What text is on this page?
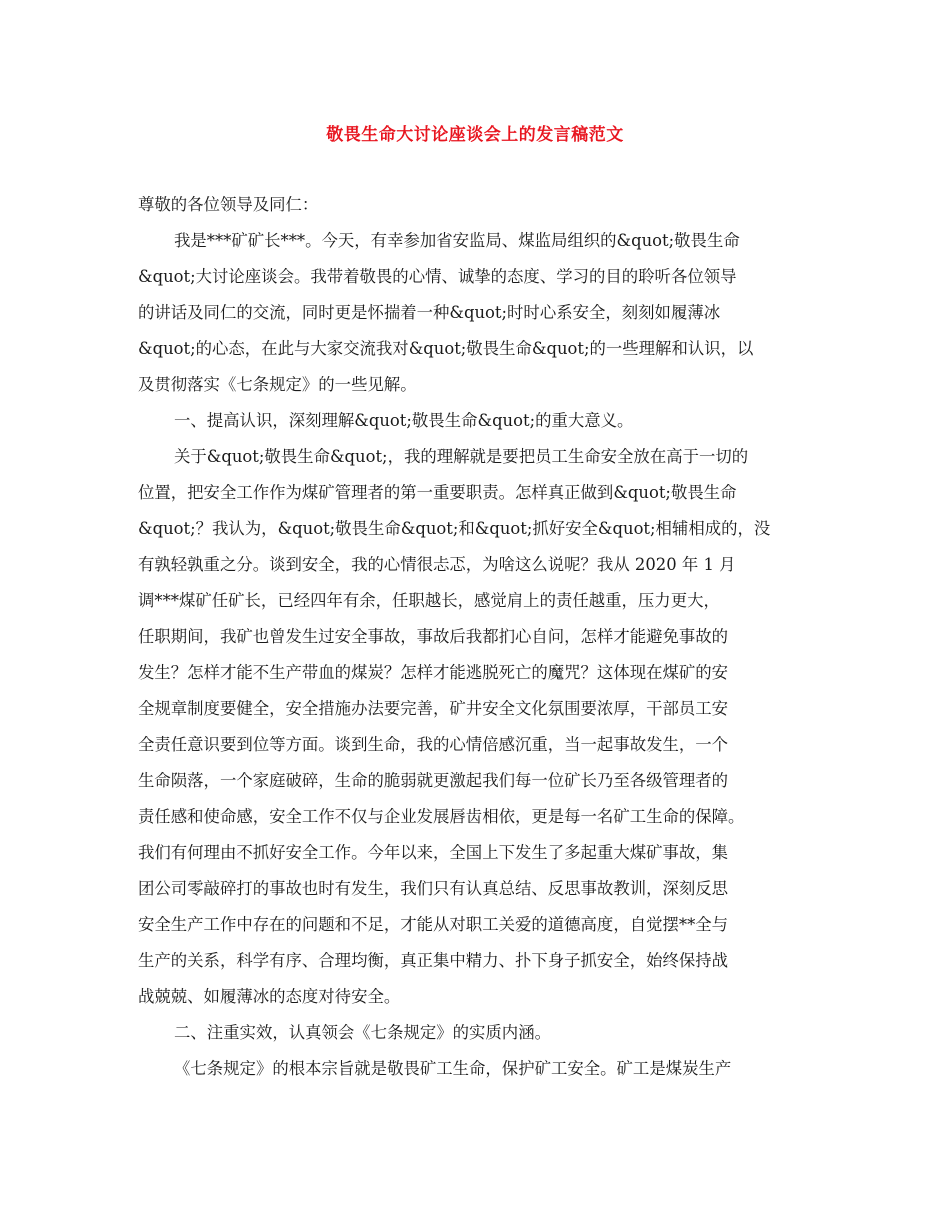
敬畏生命大讨论座谈会上的发言稿范文

尊敬的各位领导及同仁：

我是***矿矿长***。今天，有幸参加省安监局、煤监局组织的&quot;敬畏生命

&quot;大讨论座谈会。我带着敬畏的心情、诚挚的态度、学习的目的聆听各位领导

的讲话及同仁的交流，同时更是怀揣着一种&quot;时时心系安全，刻刻如履薄冰

&quot;的心态，在此与大家交流我对&quot;敬畏生命&quot;的一些理解和认识，以

及贯彻落实《七条规定》的一些见解。

一、提高认识，深刻理解&quot;敬畏生命&quot;的重大意义。

关于&quot;敬畏生命&quot;，我的理解就是要把员工生命安全放在高于一切的

位置，把安全工作作为煤矿管理者的第一重要职责。怎样真正做到&quot;敬畏生命

&quot;？我认为，&quot;敬畏生命&quot;和&quot;抓好安全&quot;相辅相成的，没

有孰轻孰重之分。谈到安全，我的心情很忐忑，为啥这么说呢？我从 2020 年 1 月

调***煤矿任矿长，已经四年有余，任职越长，感觉肩上的责任越重，压力更大，

任职期间，我矿也曾发生过安全事故，事故后我都扪心自问，怎样才能避免事故的

发生？怎样才能不生产带血的煤炭？怎样才能逃脱死亡的魔咒？这体现在煤矿的安

全规章制度要健全，安全措施办法要完善，矿井安全文化氛围要浓厚，干部员工安

全责任意识要到位等方面。谈到生命，我的心情倍感沉重，当一起事故发生，一个

生命陨落，一个家庭破碎，生命的脆弱就更激起我们每一位矿长乃至各级管理者的

责任感和使命感，安全工作不仅与企业发展唇齿相依，更是每一名矿工生命的保障。

我们有何理由不抓好安全工作。今年以来，全国上下发生了多起重大煤矿事故，集

团公司零敲碎打的事故也时有发生，我们只有认真总结、反思事故教训，深刻反思

安全生产工作中存在的问题和不足，才能从对职工关爱的道德高度，自觉摆**全与

生产的关系，科学有序、合理均衡，真正集中精力、扑下身子抓安全，始终保持战

战兢兢、如履薄冰的态度对待安全。

二、注重实效，认真领会《七条规定》的实质内涵。

《七条规定》的根本宗旨就是敬畏矿工生命，保护矿工安全。矿工是煤炭生产
